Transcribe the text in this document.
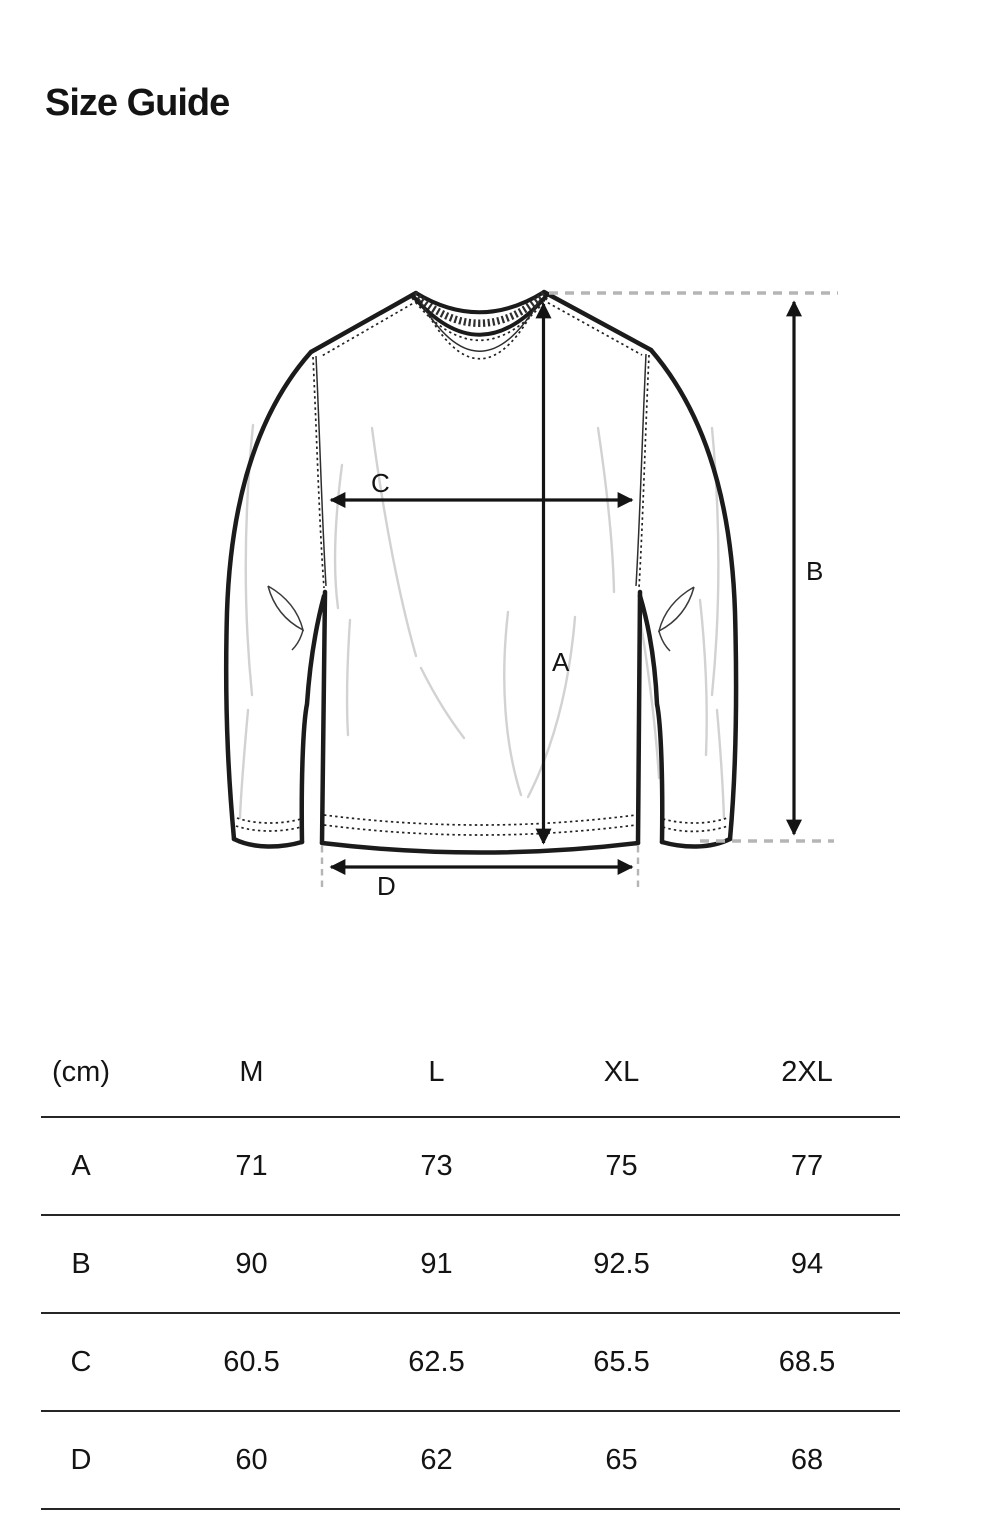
Size Guide
A
B
C
D
(cm)	M	L	XL	2XL
A	71	73	75	77
B	90	91	92.5	94
C	60.5	62.5	65.5	68.5
D	60	62	65	68
